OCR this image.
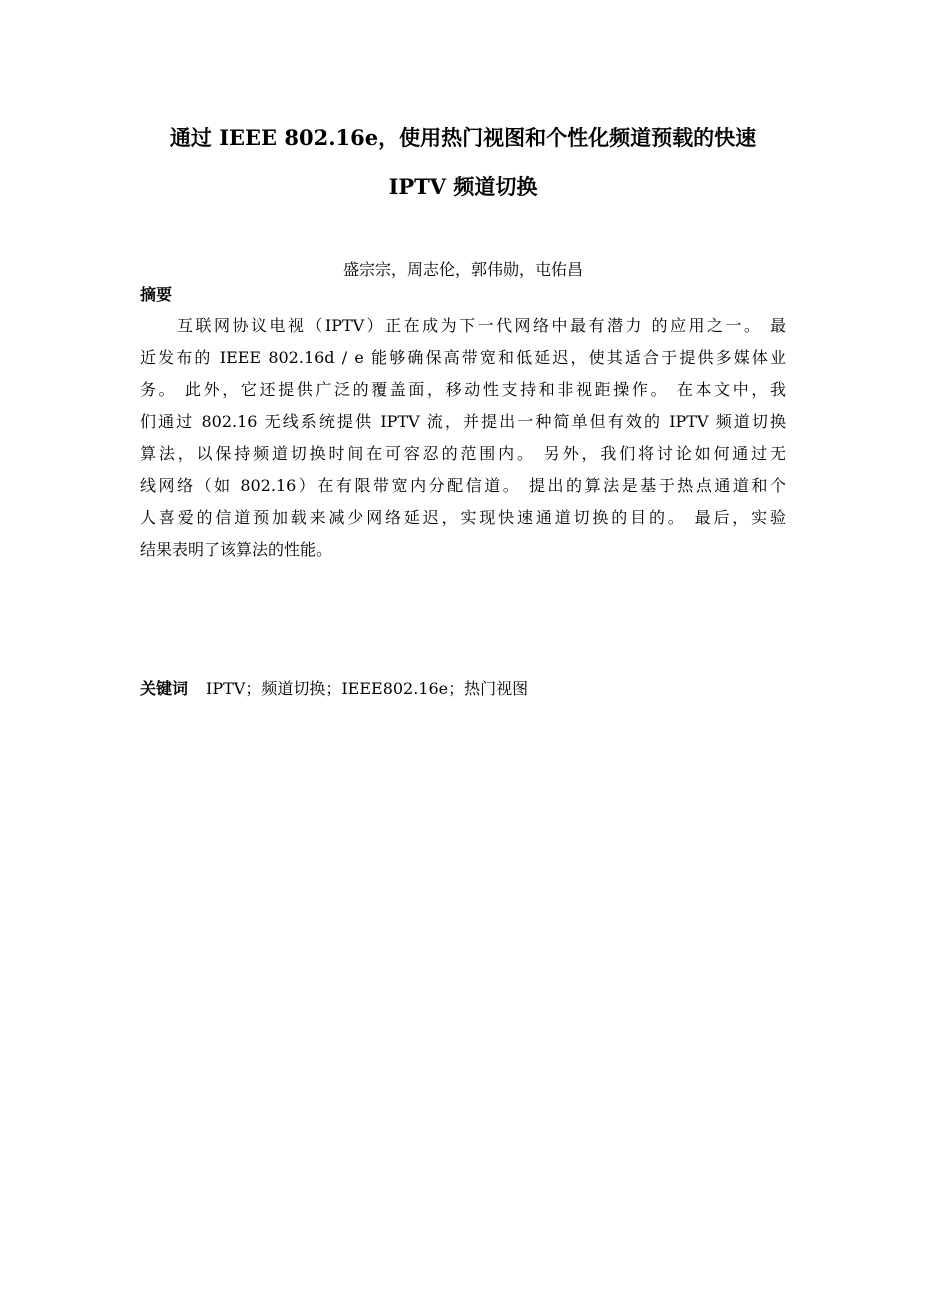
通过 IEEE 802.16e，使用热门视图和个性化频道预载的快速
IPTV 频道切换
盛宗宗，周志伦，郭伟勋，屯佑昌
摘要
互联网协议电视（IPTV）正在成为下一代网络中最有潜力 的应用之一。 最
近发布的 IEEE 802.16d / e 能够确保高带宽和低延迟，使其适合于提供多媒体业
务。 此外，它还提供广泛的覆盖面，移动性支持和非视距操作。 在本文中，我
们通过 802.16 无线系统提供 IPTV 流，并提出一种简单但有效的 IPTV 频道切换
算法，以保持频道切换时间在可容忍的范围内。 另外，我们将讨论如何通过无
线网络（如 802.16）在有限带宽内分配信道。 提出的算法是基于热点通道和个
人喜爱的信道预加载来减少网络延迟，实现快速通道切换的目的。 最后，实验
结果表明了该算法的性能。
关键词 IPTV；频道切换；IEEE802.16e；热门视图
